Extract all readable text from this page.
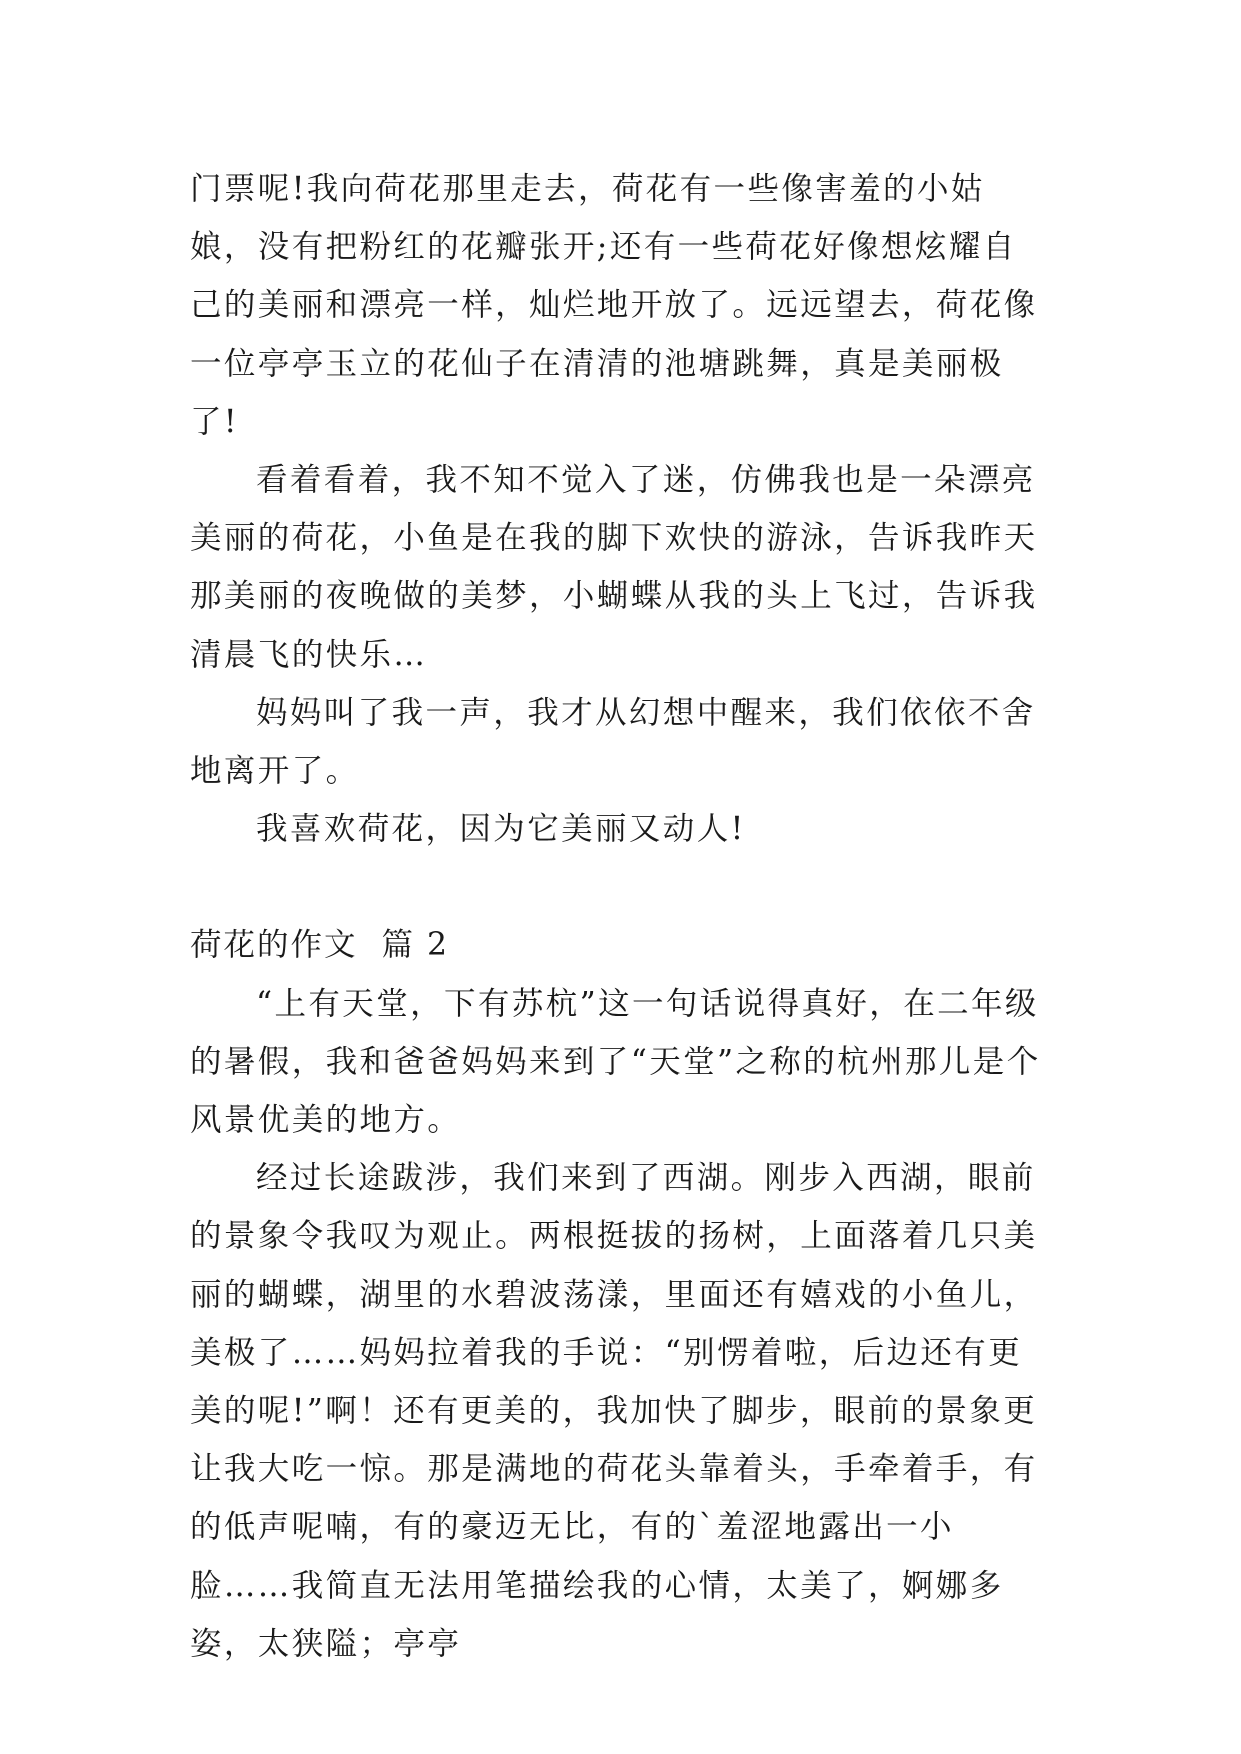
门票呢!我向荷花那里走去，荷花有一些像害羞的小姑娘，没有把粉红的花瓣张开;还有一些荷花好像想炫耀自己的美丽和漂亮一样，灿烂地开放了。远远望去，荷花像一位亭亭玉立的花仙子在清清的池塘跳舞，真是美丽极了!

看着看着，我不知不觉入了迷，仿佛我也是一朵漂亮美丽的荷花，小鱼是在我的脚下欢快的游泳，告诉我昨天那美丽的夜晚做的美梦，小蝴蝶从我的头上飞过，告诉我清晨飞的快乐…

妈妈叫了我一声，我才从幻想中醒来，我们依依不舍地离开了。

我喜欢荷花，因为它美丽又动人!

荷花的作文  篇 2

“上有天堂，下有苏杭”这一句话说得真好，在二年级的暑假，我和爸爸妈妈来到了“天堂”之称的杭州那儿是个风景优美的地方。

经过长途跋涉，我们来到了西湖。刚步入西湖，眼前的景象令我叹为观止。两根挺拔的扬树，上面落着几只美丽的蝴蝶，湖里的水碧波荡漾，里面还有嬉戏的小鱼儿，美极了……妈妈拉着我的手说：“别愣着啦，后边还有更美的呢!”啊！还有更美的，我加快了脚步，眼前的景象更让我大吃一惊。那是满地的荷花头靠着头，手牵着手，有的低声呢喃，有的豪迈无比，有的`羞涩地露出一小脸……我简直无法用笔描绘我的心情，太美了，婀娜多姿，太狭隘；亭亭
